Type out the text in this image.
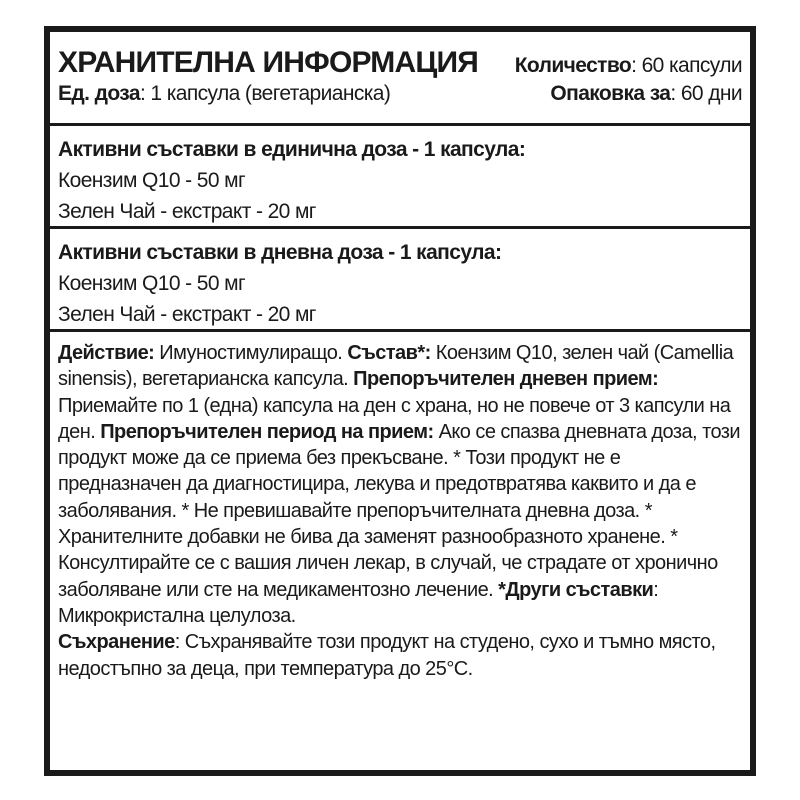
ХРАНИТЕЛНА ИНФОРМАЦИЯ Количество: 60 капсули
Ед. доза: 1 капсула (вегетарианска)	Опаковка за: 60 дни
Активни съставки в единична доза - 1 капсула:
Коензим Q10 - 50 мг
Зелен Чай - екстракт - 20 мг
Активни съставки в дневна доза - 1 капсула:
Коензим Q10 - 50 мг
Зелен Чай - екстракт - 20 мг

Действие: Имуностимулиращо. Състав*: Коензим Q10, зелен чай (Camellia sinensis), вегетарианска капсула. Препоръчителен дневен прием: Приемайте по 1 (една) капсула на ден с храна, но не повече от 3 капсули на ден. Препоръчителен период на прием: Ако се спазва дневната доза, този продукт може да се приема без прекъсване. * Този продукт не е предназначен да диагностицира, лекува и предотвратява каквито и да е заболявания. * Не превишавайте препоръчителната дневна доза. * Хранителните добавки не бива да заменят разнообразното хранене. * Консултирайте се с вашия личен лекар, в случай, че страдате от хронично заболяване или сте на медикаментозно лечение. *Други съставки: Микрокристална целулоза.

Съхранение: Съхранявайте този продукт на студено, сухо и тъмно място, недостъпно за деца, при температура до 25°C.
